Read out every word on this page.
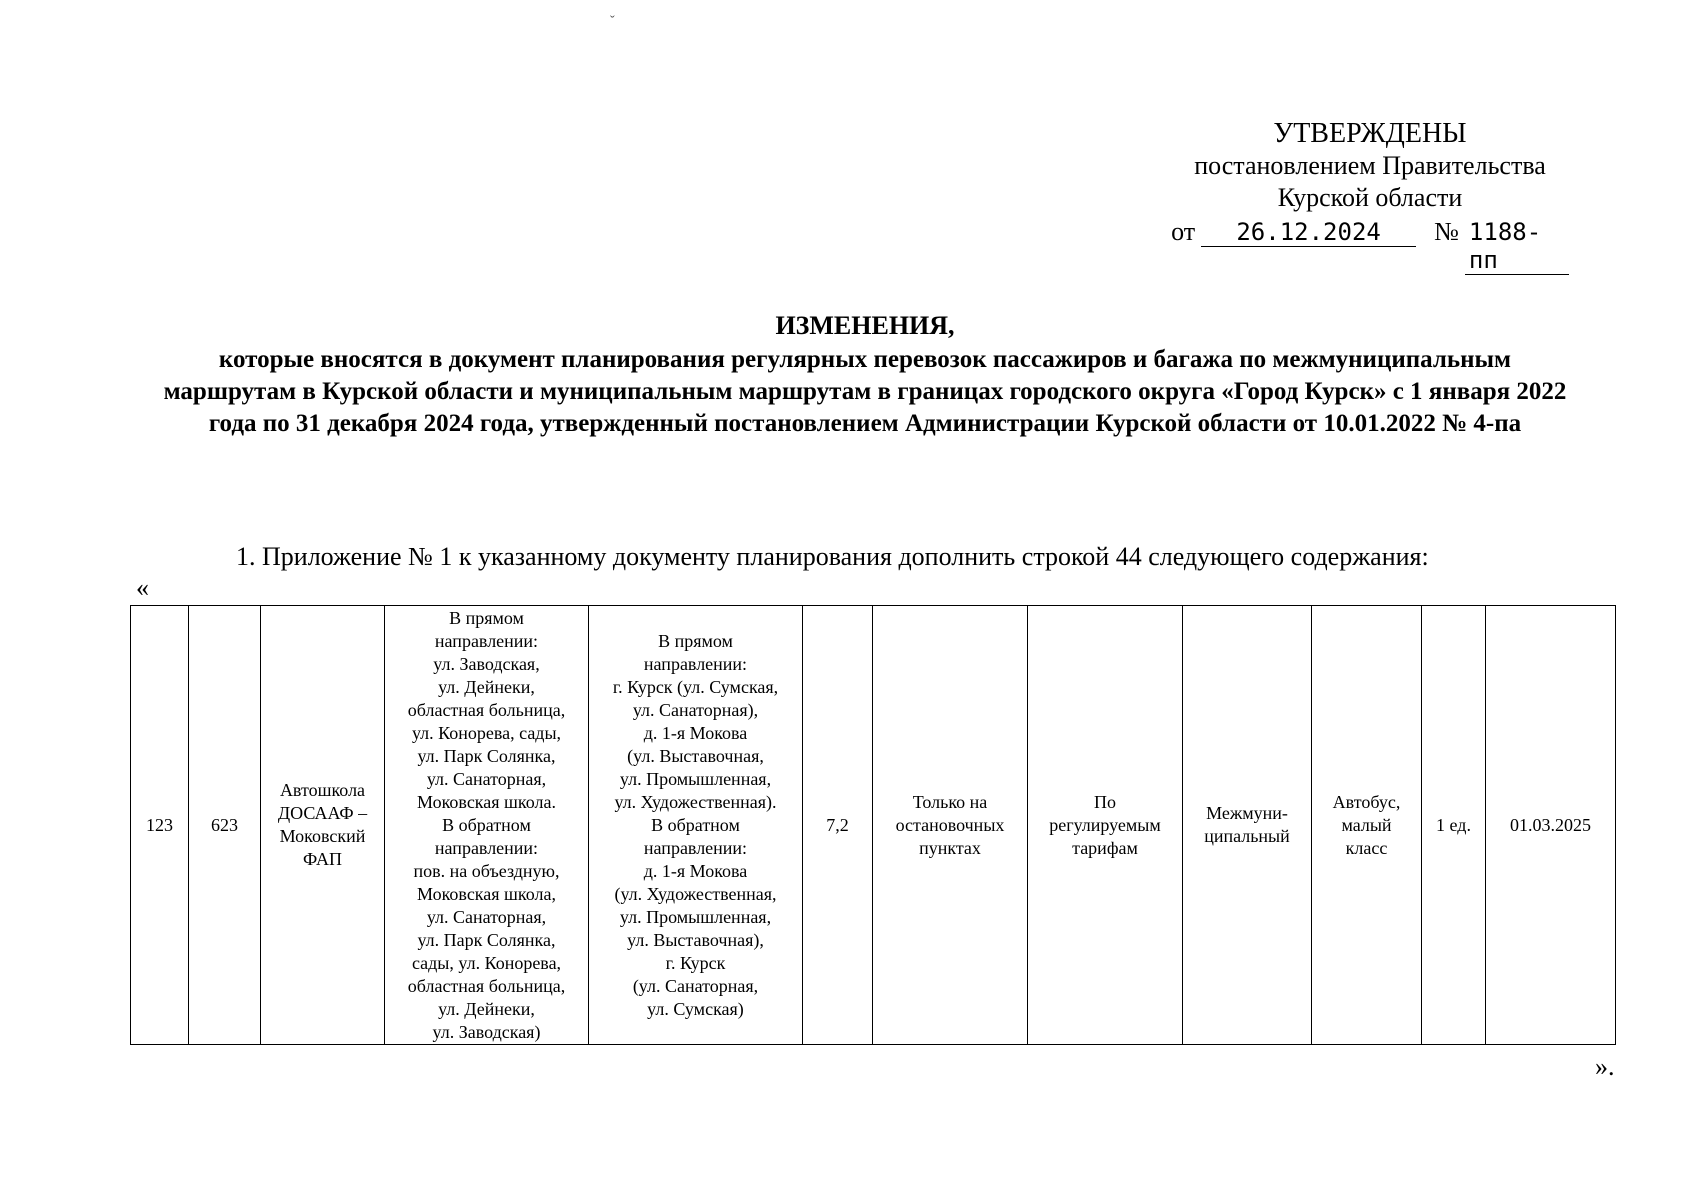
ˇ
УТВЕРЖДЕНЫ
постановлением Правительства
Курской области
от	26.12.2024	№ 1188-пп
ИЗМЕНЕНИЯ,
которые вносятся в документ планирования регулярных перевозок пассажиров и багажа по межмуниципальным маршрутам в Курской области и муниципальным маршрутам в границах городского округа «Город Курск» с 1 января 2022 года по 31 декабря 2024 года, утвержденный постановлением Администрации Курской области от 10.01.2022 № 4-па
1. Приложение № 1 к указанному документу планирования дополнить строкой 44 следующего содержания:
«
123	623	Автошкола ДОСААФ – Моковский ФАП	В прямом
направлении:
ул. Заводская,
ул. Дейнеки,
областная больница,
ул. Конорева, сады,
ул. Парк Солянка,
ул. Санаторная,
Моковская школа.
В обратном
направлении:
пов. на объездную,
Моковская школа,
ул. Санаторная,
ул. Парк Солянка,
сады, ул. Конорева,
областная больница,
ул. Дейнеки,
ул. Заводская)	В прямом
направлении:
г. Курск (ул. Сумская,
ул. Санаторная),
д. 1-я Мокова
(ул. Выставочная,
ул. Промышленная,
ул. Художественная).
В обратном
направлении:
д. 1-я Мокова
(ул. Художественная,
ул. Промышленная,
ул. Выставочная),
г. Курск
(ул. Санаторная,
ул. Сумская)	7,2	Только на
остановочных
пунктах	По
регулируемым
тарифам	Межмуни-
ципальный	Автобус,
малый
класс	1 ед.	01.03.2025
».
